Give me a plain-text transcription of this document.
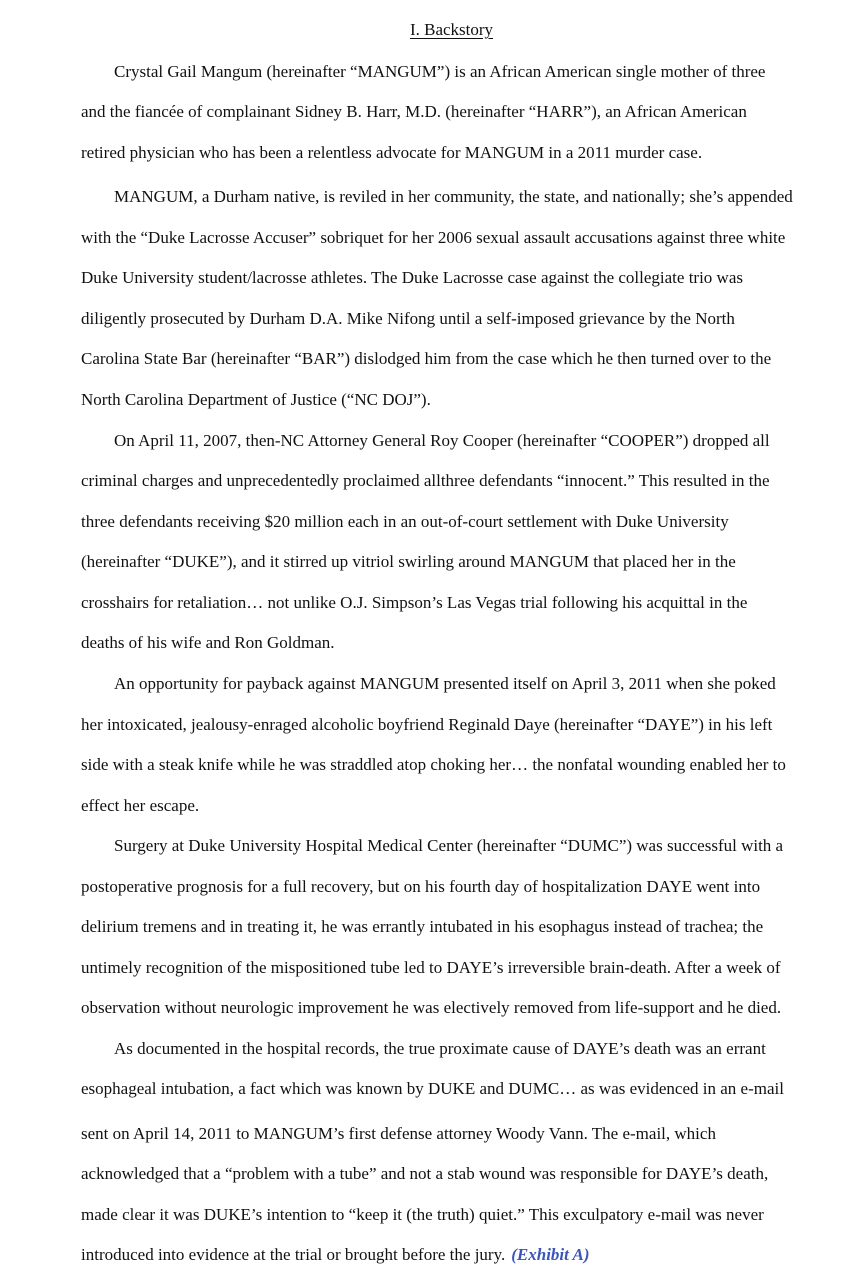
I. Backstory
Crystal Gail Mangum (hereinafter “MANGUM”) is an African American single mother of three
and the fiancée of complainant Sidney B. Harr, M.D. (hereinafter “HARR”), an African American
retired physician who has been a relentless advocate for MANGUM in a 2011 murder case.
MANGUM, a Durham native, is reviled in her community, the state, and nationally; she’s appended
with the “Duke Lacrosse Accuser” sobriquet for her 2006 sexual assault accusations against three white
Duke University student/lacrosse athletes. The Duke Lacrosse case against the collegiate trio was
diligently prosecuted by Durham D.A. Mike Nifong until a self-imposed grievance by the North
Carolina State Bar (hereinafter “BAR”) dislodged him from the case which he then turned over to the
North Carolina Department of Justice (“NC DOJ”).
On April 11, 2007, then-NC Attorney General Roy Cooper (hereinafter “COOPER”) dropped all
criminal charges and unprecedentedly proclaimed allthree defendants “innocent.” This resulted in the
three defendants receiving $20 million each in an out-of-court settlement with Duke University
(hereinafter “DUKE”), and it stirred up vitriol swirling around MANGUM that placed her in the
crosshairs for retaliation… not unlike O.J. Simpson’s Las Vegas trial following his acquittal in the
deaths of his wife and Ron Goldman.
An opportunity for payback against MANGUM presented itself on April 3, 2011 when she poked
her intoxicated, jealousy-enraged alcoholic boyfriend Reginald Daye (hereinafter “DAYE”) in his left
side with a steak knife while he was straddled atop choking her… the nonfatal wounding enabled her to
effect her escape.
Surgery at Duke University Hospital Medical Center (hereinafter “DUMC”) was successful with a
postoperative prognosis for a full recovery, but on his fourth day of hospitalization DAYE went into
delirium tremens and in treating it, he was errantly intubated in his esophagus instead of trachea; the
untimely recognition of the mispositioned tube led to DAYE’s irreversible brain-death. After a week of
observation without neurologic improvement he was electively removed from life-support and he died.
As documented in the hospital records, the true proximate cause of DAYE’s death was an errant
esophageal intubation, a fact which was known by DUKE and DUMC… as was evidenced in an e-mail
sent on April 14, 2011 to MANGUM’s first defense attorney Woody Vann. The e-mail, which
acknowledged that a “problem with a tube” and not a stab wound was responsible for DAYE’s death,
made clear it was DUKE’s intention to “keep it (the truth) quiet.” This exculpatory e-mail was never
introduced into evidence at the trial or brought before the jury. (Exhibit A)
